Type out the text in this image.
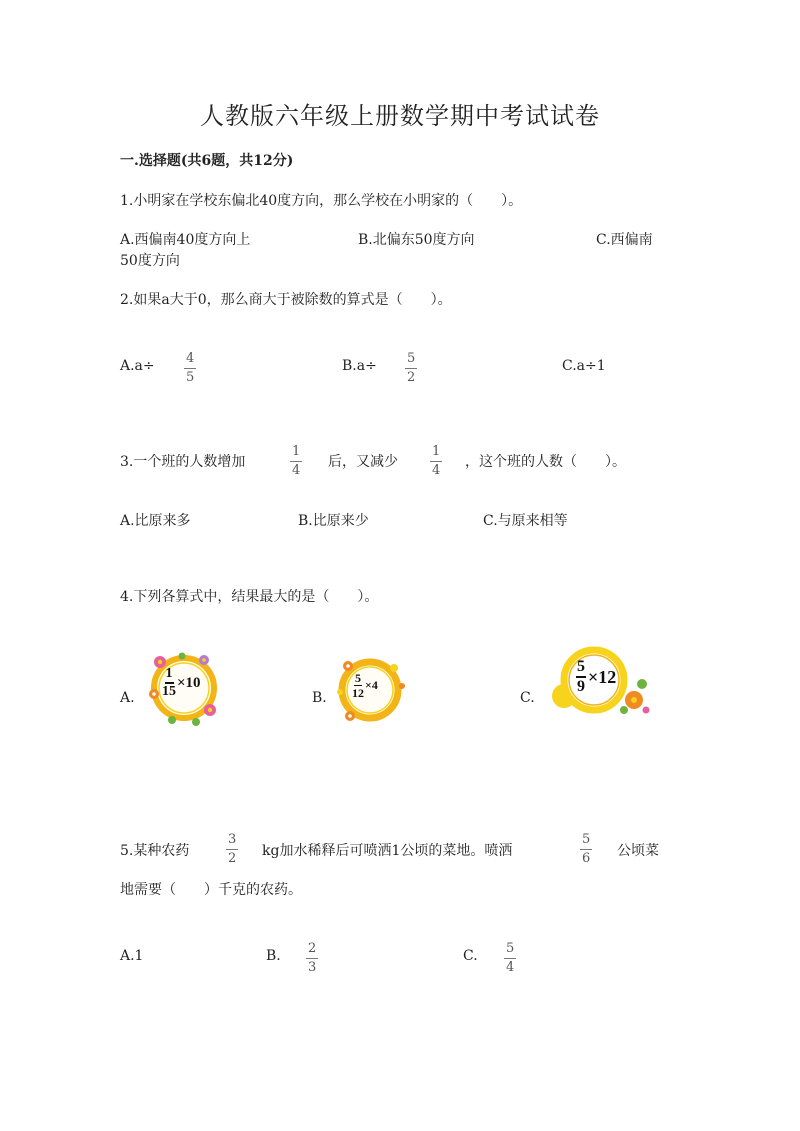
人教版六年级上册数学期中考试试卷
一.选择题(共6题，共12分)
1.小明家在学校东偏北40度方向，那么学校在小明家的（　　）。
A.西偏南40度方向上	B.北偏东50度方向	C.西偏南
50度方向
2.如果a大于0，那么商大于被除数的算式是（　　）。
$A.a\div \frac{4}{5}$	$B.a\div \frac{5}{2}$	C.a÷1
3.一个班的人数增加	$\frac{1}{4}$ 后，又减少 $\frac{1}{4}$ ，这个班的人数（　　）。
A.比原来多	B.比原来少	C.与原来相等
4.下列各算式中，结果最大的是（　　）。
A. $\frac{1}{15} \times 10$
B. $\frac{5}{12} \times 4$
C.
$\frac{5}{9} \times 12$
5.某种农药	$\frac{3}{2}$ kg加水稀释后可喷洒1公顷的菜地。喷洒	$\frac{5}{6}$ 公顷菜
地需要（　　）千克的农药。
A.1	B. $\frac{2}{3}$	C. $\frac{5}{4}$
